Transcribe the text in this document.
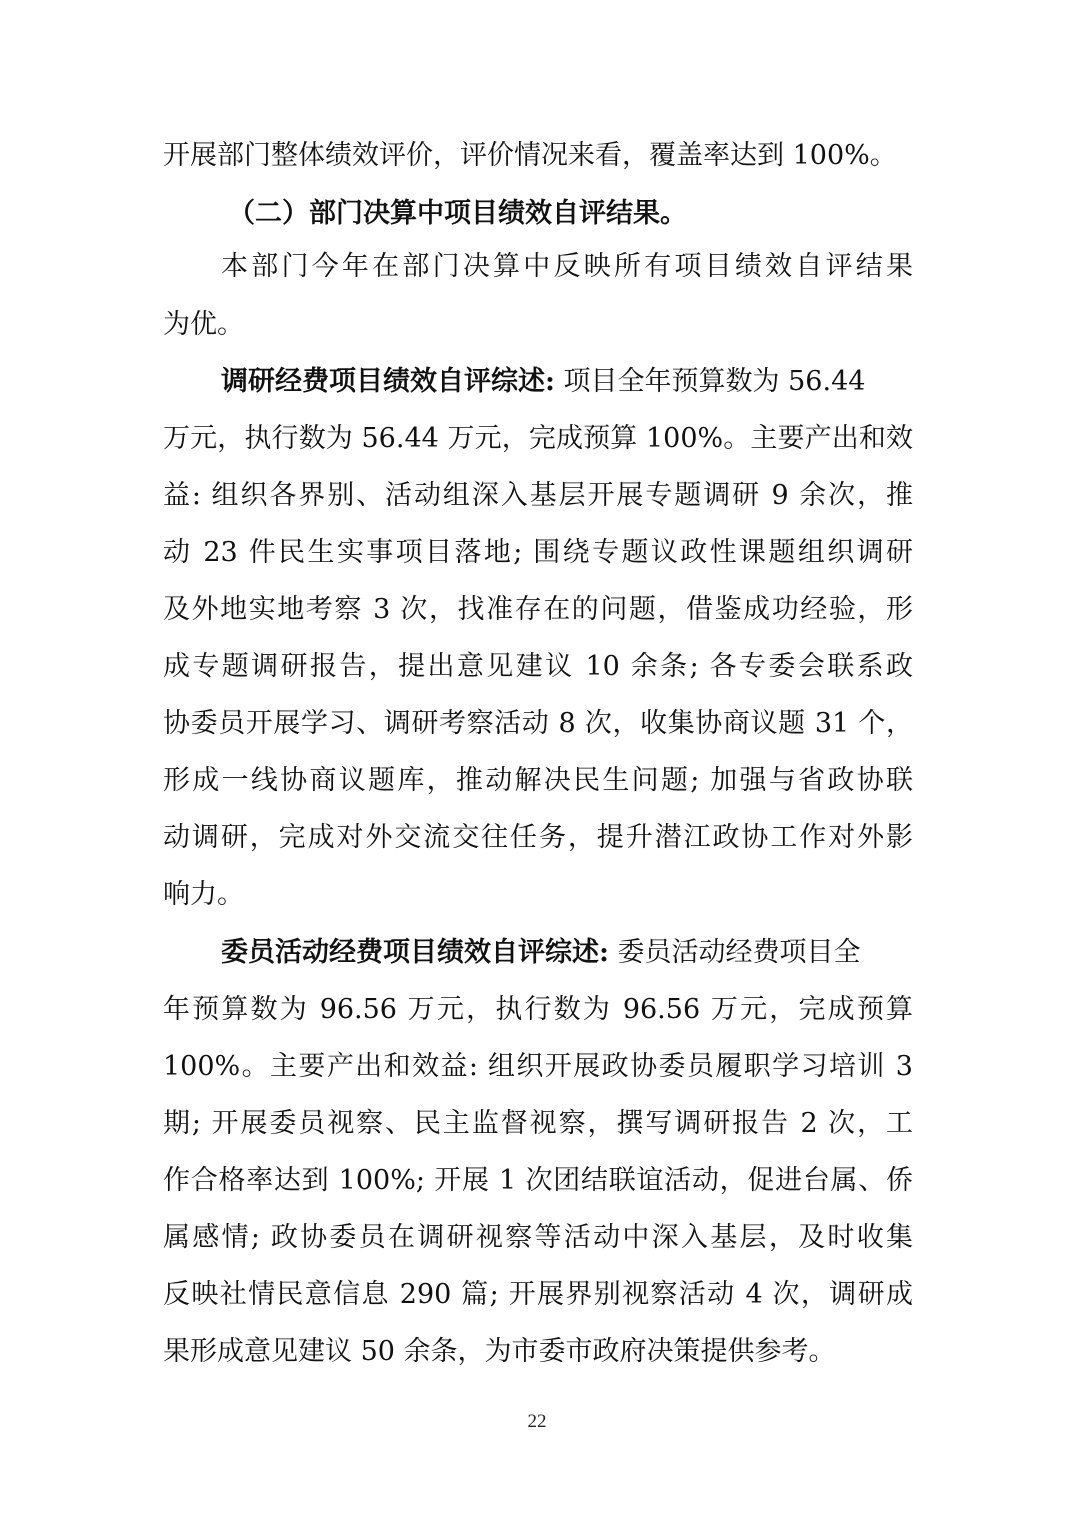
开展部门整体绩效评价，评价情况来看，覆盖率达到 100%。
（二）部门决算中项目绩效自评结果。
本部门今年在部门决算中反映所有项目绩效自评结果
为优。
调研经费项目绩效自评综述: 项目全年预算数为 56.44
万元，执行数为 56.44 万元，完成预算 100%。主要产出和效
益: 组织各界别、活动组深入基层开展专题调研 9 余次，推
动 23 件民生实事项目落地; 围绕专题议政性课题组织调研
及外地实地考察 3 次，找准存在的问题，借鉴成功经验，形
成专题调研报告，提出意见建议 10 余条; 各专委会联系政
协委员开展学习、调研考察活动 8 次，收集协商议题 31 个，
形成一线协商议题库，推动解决民生问题; 加强与省政协联
动调研，完成对外交流交往任务，提升潜江政协工作对外影
响力。
委员活动经费项目绩效自评综述: 委员活动经费项目全
年预算数为 96.56 万元，执行数为 96.56 万元，完成预算
100%。主要产出和效益: 组织开展政协委员履职学习培训 3
期; 开展委员视察、民主监督视察，撰写调研报告 2 次，工
作合格率达到 100%; 开展 1 次团结联谊活动，促进台属、侨
属感情; 政协委员在调研视察等活动中深入基层，及时收集
反映社情民意信息 290 篇; 开展界别视察活动 4 次，调研成
果形成意见建议 50 余条，为市委市政府决策提供参考。
22
